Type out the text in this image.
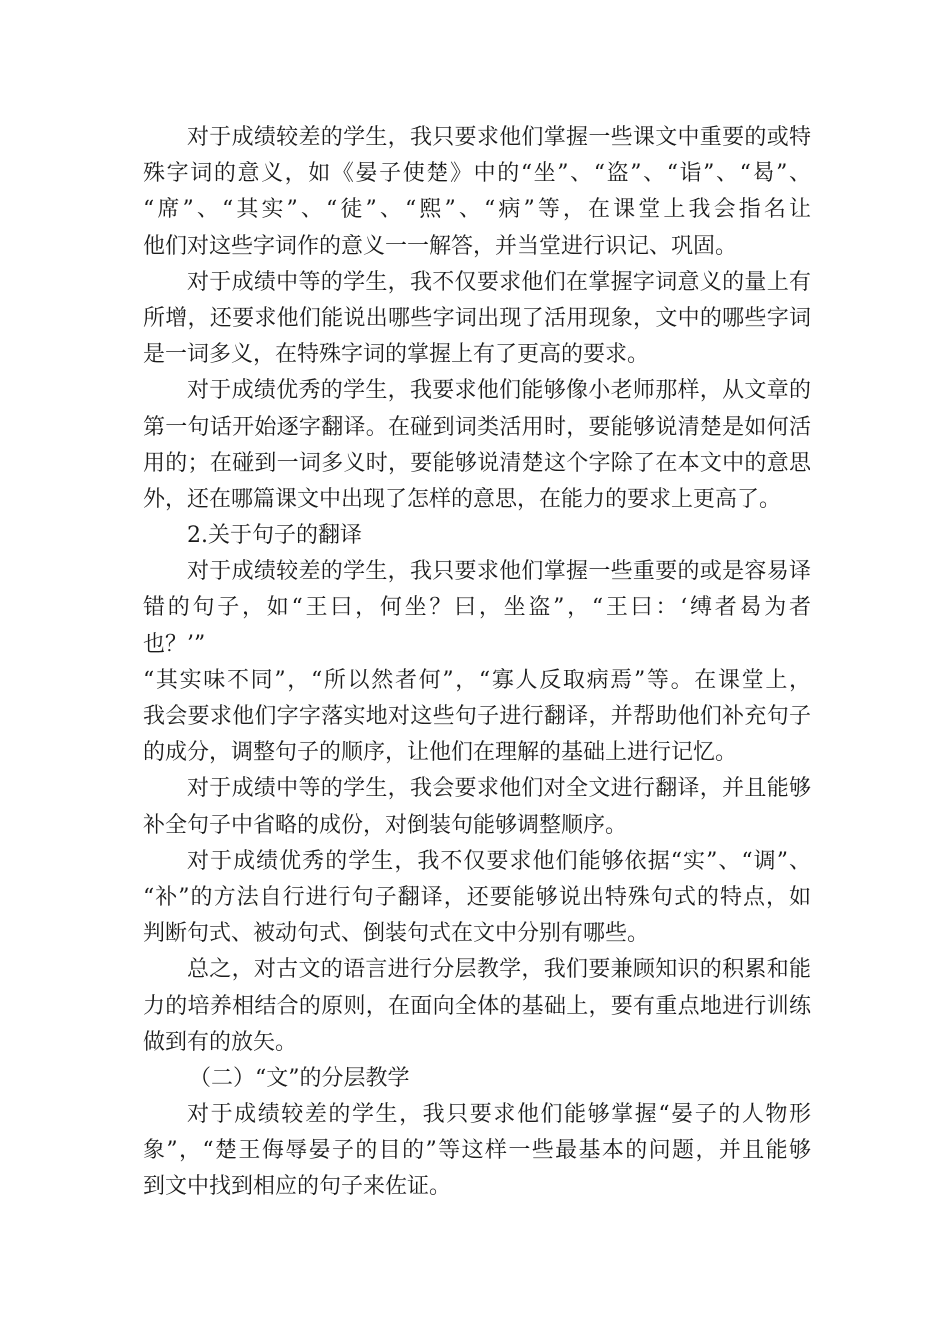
对于成绩较差的学生，我只要求他们掌握一些课文中重要的或特
殊字词的意义，如《晏子使楚》中的“坐”、“盗”、“诣”、“曷”、
“席”、“其实”、“徒”、“熙”、“病”等，在课堂上我会指名让
他们对这些字词作的意义一一解答，并当堂进行识记、巩固。
对于成绩中等的学生，我不仅要求他们在掌握字词意义的量上有
所增，还要求他们能说出哪些字词出现了活用现象，文中的哪些字词
是一词多义，在特殊字词的掌握上有了更高的要求。
对于成绩优秀的学生，我要求他们能够像小老师那样，从文章的
第一句话开始逐字翻译。在碰到词类活用时，要能够说清楚是如何活
用的；在碰到一词多义时，要能够说清楚这个字除了在本文中的意思
外，还在哪篇课文中出现了怎样的意思，在能力的要求上更高了。
2.关于句子的翻译
对于成绩较差的学生，我只要求他们掌握一些重要的或是容易译
错的句子，如“王曰，何坐？曰，坐盗”，“王曰：‘缚者曷为者
也？’”
“其实味不同”，“所以然者何”，“寡人反取病焉”等。在课堂上，
我会要求他们字字落实地对这些句子进行翻译，并帮助他们补充句子
的成分，调整句子的顺序，让他们在理解的基础上进行记忆。
对于成绩中等的学生，我会要求他们对全文进行翻译，并且能够
补全句子中省略的成份，对倒装句能够调整顺序。
对于成绩优秀的学生，我不仅要求他们能够依据“实”、“调”、
“补”的方法自行进行句子翻译，还要能够说出特殊句式的特点，如
判断句式、被动句式、倒装句式在文中分别有哪些。
总之，对古文的语言进行分层教学，我们要兼顾知识的积累和能
力的培养相结合的原则，在面向全体的基础上，要有重点地进行训练
做到有的放矢。
（二）“文”的分层教学
对于成绩较差的学生，我只要求他们能够掌握“晏子的人物形
象”，“楚王侮辱晏子的目的”等这样一些最基本的问题，并且能够
到文中找到相应的句子来佐证。
